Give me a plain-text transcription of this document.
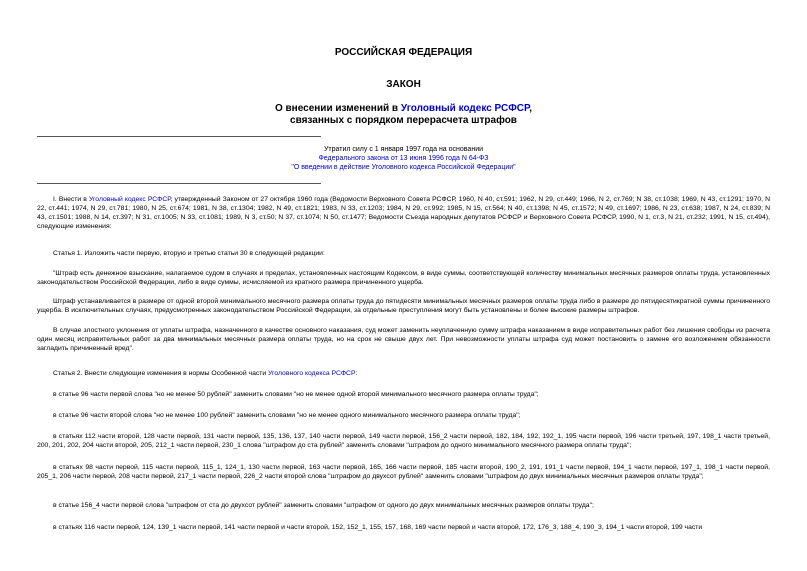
РОССИЙСКАЯ ФЕДЕРАЦИЯ
ЗАКОН
О внесении изменений в Уголовный кодекс РСФСР,
связанных с порядком перерасчета штрафов
Утратил силу с 1 января 1997 года на основании
Федерального закона от 13 июня 1996 года N 64-ФЗ
"О введении в действие Уголовного кодекса Российской Федерации"

I. Внести в Уголовный кодекс РСФСР, утвержденный Законом от 27 октября 1960 года (Ведомости Верховного Совета РСФСР, 1960, N 40, ст.591; 1962, N 29, ст.449; 1966, N 2, ст.769; N 38, ст.1038; 1969, N 43, ст.1291; 1970, N 22, ст.441; 1974, N 29, ст.781; 1980, N 25, ст.674; 1981, N 38, ст.1304; 1982, N 49, ст.1821; 1983, N 33, ст.1203; 1984, N 29, ст.992; 1985, N 15, ст.564; N 40, ст.1398; N 45, ст.1572; N 49, ст.1697; 1986, N 23, ст.638; 1987, N 24, ст.839; N 43, ст.1501; 1988, N 14, ст.397; N 31, ст.1005; N 33, ст.1081; 1989, N 3, ст.50; N 37, ст.1074; N 50, ст.1477; Ведомости Съезда народных депутатов РСФСР и Верховного Совета РСФСР, 1990, N 1, ст.3, N 21, ст.232; 1991, N 15, ст.494), следующие изменения:

Статья 1. Изложить части первую, вторую и третью статьи 30 в следующей редакции:

"Штраф есть денежное взыскание, налагаемое судом в случаях и пределах, установленных настоящим Кодексом, в виде суммы, соответствующей количеству минимальных месячных размеров оплаты труда, установленных законодательством Российской Федерации, либо в виде суммы, исчисляемой из кратного размера причиненного ущерба.

Штраф устанавливается в размере от одной второй минимального месячного размера оплаты труда до пятидесяти минимальных месячных размеров оплаты труда либо в размере до пятидесятикратной суммы причиненного ущерба. В исключительных случаях, предусмотренных законодательством Российской Федерации, за отдельные преступления могут быть установлены и более высокие размеры штрафов.

В случае злостного уклонения от уплаты штрафа, назначенного в качестве основного наказания, суд может заменить неуплаченную сумму штрафа наказанием в виде исправительных работ без лишения свободы из расчета один месяц исправительных работ за два минимальных месячных размера оплаты труда, но на срок не свыше двух лет. При невозможности уплаты штрафа суд может постановить о замене его возложением обязанности загладить причиненный вред".

Статья 2. Внести следующие изменения в нормы Особенной части Уголовного кодекса РСФСР:

в статье 96 части первой слова "но не менее 50 рублей" заменить словами "но не менее одной второй минимального месячного размера оплаты труда";

в статье 96 части второй слова "но не менее 100 рублей" заменить словами "но не менее одного минимального месячного размера оплаты труда";

в статьях 112 части второй, 128 части первой, 131 части первой, 135, 136, 137, 140 части первой, 149 части первой, 156_2 части первой, 182, 184, 192, 192_1, 195 части первой, 196 части третьей, 197, 198_1 части третьей, 200, 201, 202, 204 части второй, 205, 212_1 части первой, 230_1 слова "штрафом до ста рублей" заменить словами "штрафом до одного минимального месячного размера оплаты труда";

в статьях 98 части первой, 115 части первой, 115_1, 124_1, 130 части первой, 163 части первой, 165, 166 части первой, 185 части второй, 190_2, 191, 191_1 части первой, 194_1 части первой, 197_1, 198_1 части первой, 205_1, 206 части первой, 208 части первой, 217_1 части первой, 226_2 части второй слова "штрафом до двухсот рублей" заменить словами "штрафом до двух минимальных месячных размеров оплаты труда";

в статье 156_4 части первой слова "штрафом от ста до двухсот рублей" заменить словами "штрафом от одного до двух минимальных месячных размеров оплаты труда";

в статьях 116 части первой, 124, 139_1 части первой, 141 части первой и части второй, 152, 152_1, 155, 157, 168, 169 части первой и части второй, 172, 176_3, 188_4, 190_3, 194_1 части второй, 199 части
